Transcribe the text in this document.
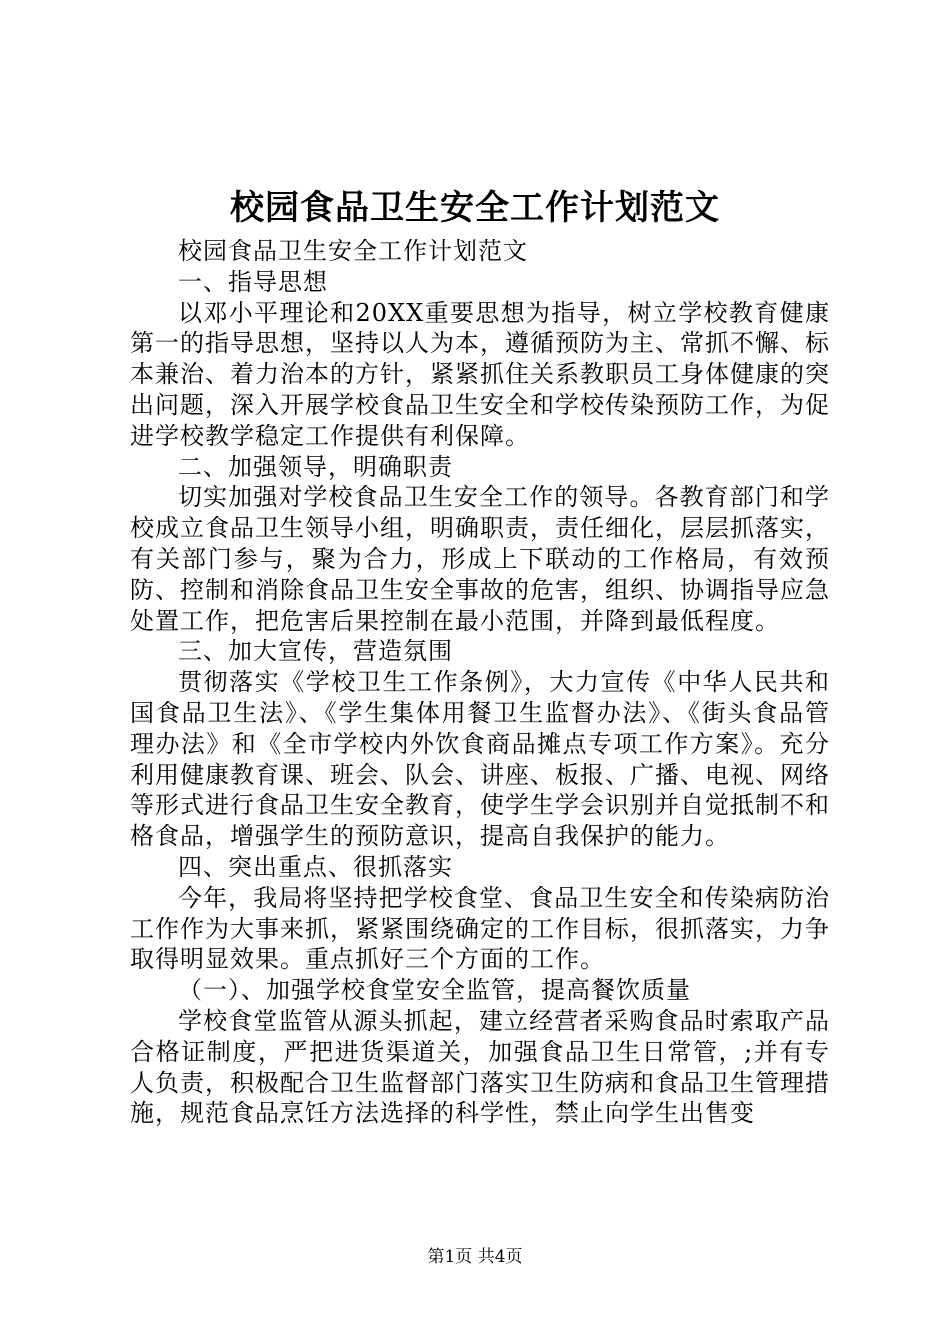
校园食品卫生安全工作计划范文

校园食品卫生安全工作计划范文

一、指导思想

以邓小平理论和20XX重要思想为指导，树立学校教育健康第一的指导思想，坚持以人为本，遵循预防为主、常抓不懈、标本兼治、着力治本的方针，紧紧抓住关系教职员工身体健康的突出问题，深入开展学校食品卫生安全和学校传染预防工作，为促进学校教学稳定工作提供有利保障。

二、加强领导，明确职责

切实加强对学校食品卫生安全工作的领导。各教育部门和学校成立食品卫生领导小组，明确职责，责任细化，层层抓落实，有关部门参与，聚为合力，形成上下联动的工作格局，有效预防、控制和消除食品卫生安全事故的危害，组织、协调指导应急处置工作，把危害后果控制在最小范围，并降到最低程度。

三、加大宣传，营造氛围

贯彻落实《学校卫生工作条例》，大力宣传《中华人民共和国食品卫生法》、《学生集体用餐卫生监督办法》、《街头食品管理办法》和《全市学校内外饮食商品摊点专项工作方案》。充分利用健康教育课、班会、队会、讲座、板报、广播、电视、网络等形式进行食品卫生安全教育，使学生学会识别并自觉抵制不和格食品，增强学生的预防意识，提高自我保护的能力。

四、突出重点、很抓落实

今年，我局将坚持把学校食堂、食品卫生安全和传染病防治工作作为大事来抓，紧紧围绕确定的工作目标，很抓落实，力争取得明显效果。重点抓好三个方面的工作。

（一）、加强学校食堂安全监管，提高餐饮质量

学校食堂监管从源头抓起，建立经营者采购食品时索取产品合格证制度，严把进货渠道关，加强食品卫生日常管，;并有专人负责，积极配合卫生监督部门落实卫生防病和食品卫生管理措施，规范食品烹饪方法选择的科学性，禁止向学生出售变

第1页 共4页
